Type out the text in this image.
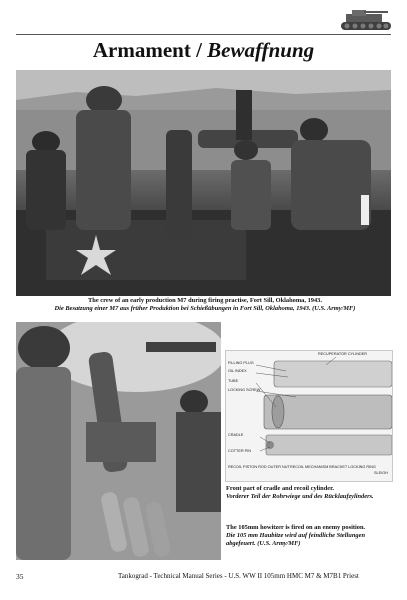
Armament / Bewaffnung
The crew of an early production M7 during firing practise, Fort Sill, Oklahoma, 1943.
Die Besatzung einer M7 aus früher Produktion bei Schießübungen in Fort Sill, Oklahoma, 1943. (U.S. Army/MF)
FILLING PLUG
OIL INDEX
TUBE
LOCKING SCREW
RECUPERATOR CYLINDER
CRADLE
COTTER PIN
RECOIL PISTON ROD OUTER NUT RECOIL MECHANISM BRACKET LOCKING RING
SLEIGH
Front part of cradle and recoil cylinder.
Vorderer Teil der Rohrwiege und des Rücklaufzylinders.
The 105mm howitzer is fired on an enemy position.
Die 105 mm Haubitze wird auf feindliche Stellungen abgefeuert. (U.S. Army/MF)
35	Tankograd - Technical Manual Series - U.S. WW II 105mm HMC M7 & M7B1 Priest
